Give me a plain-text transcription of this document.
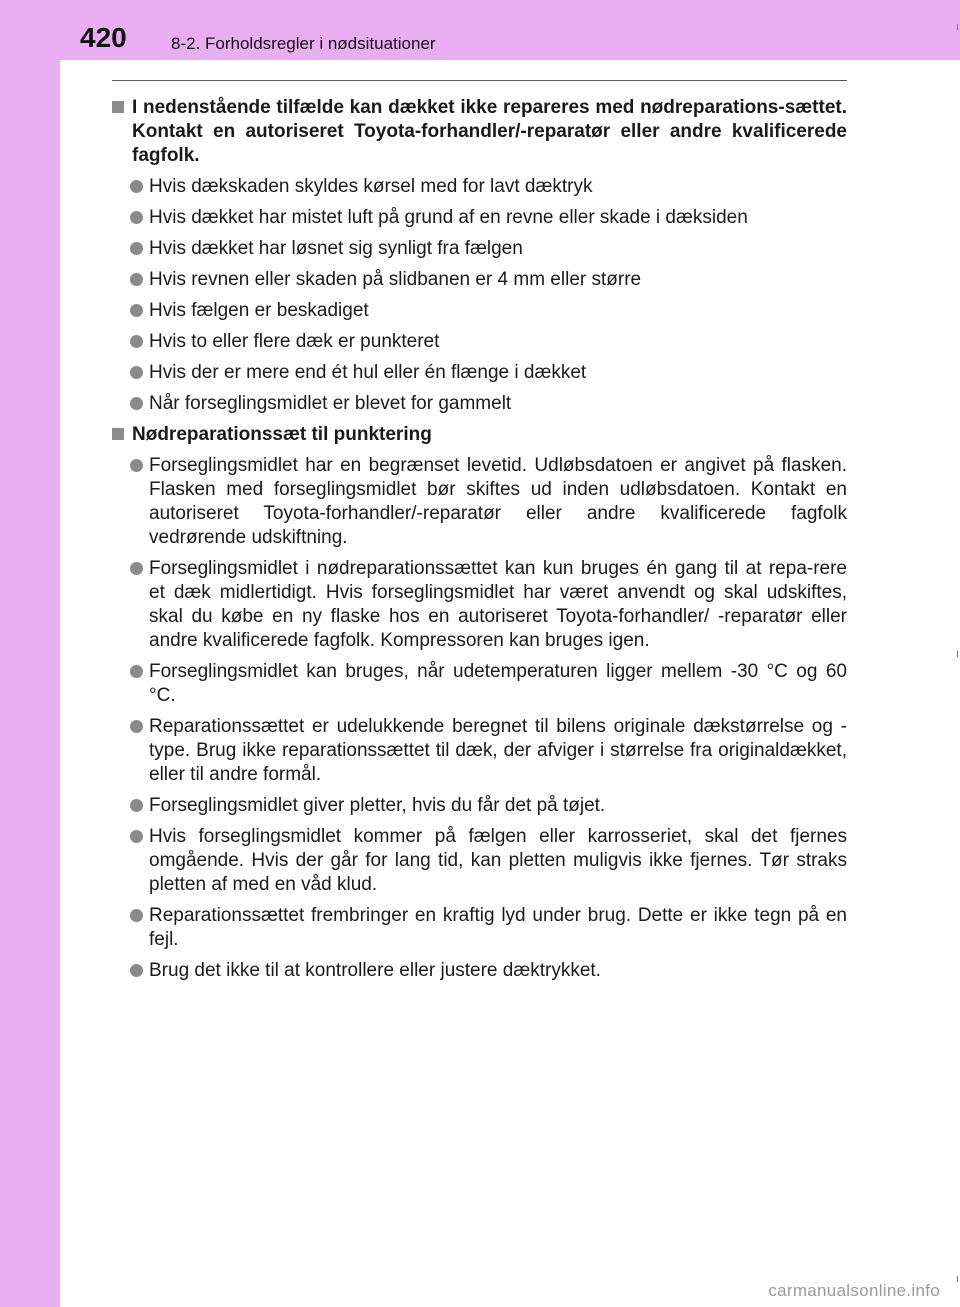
420	8-2. Forholdsregler i nødsituationer
I nedenstående tilfælde kan dækket ikke repareres med nødreparations-sættet. Kontakt en autoriseret Toyota-forhandler/-reparatør eller andre kvalificerede fagfolk.
Hvis dækskaden skyldes kørsel med for lavt dæktryk
Hvis dækket har mistet luft på grund af en revne eller skade i dæksiden
Hvis dækket har løsnet sig synligt fra fælgen
Hvis revnen eller skaden på slidbanen er 4 mm eller større
Hvis fælgen er beskadiget
Hvis to eller flere dæk er punkteret
Hvis der er mere end ét hul eller én flænge i dækket
Når forseglingsmidlet er blevet for gammelt
Nødreparationssæt til punktering
Forseglingsmidlet har en begrænset levetid. Udløbsdatoen er angivet på flasken. Flasken med forseglingsmidlet bør skiftes ud inden udløbsdatoen. Kontakt en autoriseret Toyota-forhandler/-reparatør eller andre kvalificerede fagfolk vedrørende udskiftning.
Forseglingsmidlet i nødreparationssættet kan kun bruges én gang til at repa-rere et dæk midlertidigt. Hvis forseglingsmidlet har været anvendt og skal udskiftes, skal du købe en ny flaske hos en autoriseret Toyota-forhandler/ -reparatør eller andre kvalificerede fagfolk. Kompressoren kan bruges igen.
Forseglingsmidlet kan bruges, når udetemperaturen ligger mellem -30 °C og 60 °C.
Reparationssættet er udelukkende beregnet til bilens originale dækstørrelse og -type. Brug ikke reparationssættet til dæk, der afviger i størrelse fra originaldækket, eller til andre formål.
Forseglingsmidlet giver pletter, hvis du får det på tøjet.
Hvis forseglingsmidlet kommer på fælgen eller karrosseriet, skal det fjernes omgående. Hvis der går for lang tid, kan pletten muligvis ikke fjernes. Tør straks pletten af med en våd klud.
Reparationssættet frembringer en kraftig lyd under brug. Dette er ikke tegn på en fejl.
Brug det ikke til at kontrollere eller justere dæktrykket.
carmanualsonline.info
